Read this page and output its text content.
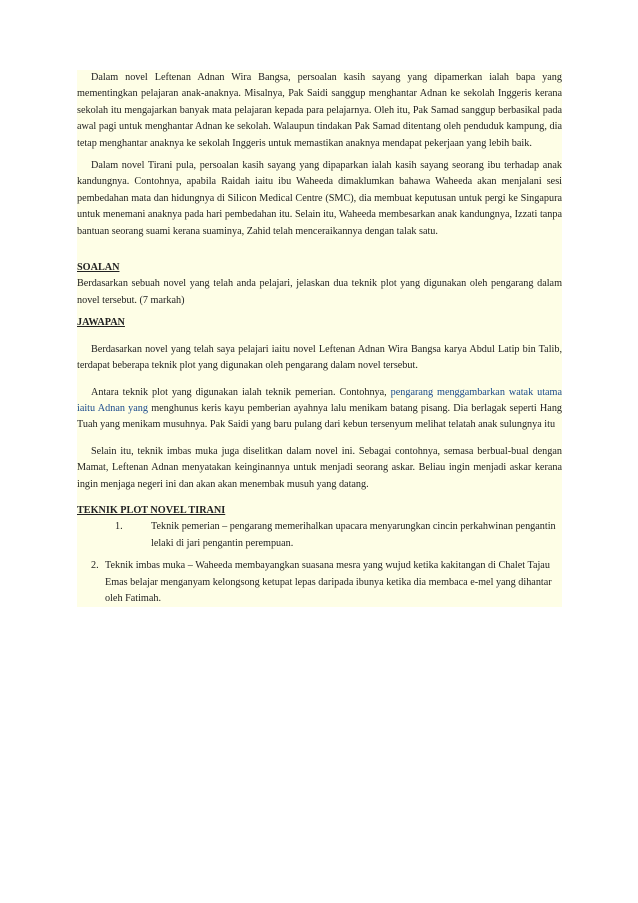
Dalam novel Leftenan Adnan Wira Bangsa, persoalan kasih sayang yang dipamerkan ialah bapa yang mementingkan pelajaran anak-anaknya. Misalnya, Pak Saidi sanggup menghantar Adnan ke sekolah Inggeris kerana sekolah itu mengajarkan banyak mata pelajaran kepada para pelajarnya. Oleh itu, Pak Samad sanggup berbasikal pada awal pagi untuk menghantar Adnan ke sekolah. Walaupun tindakan Pak Samad ditentang oleh penduduk kampung, dia tetap menghantar anaknya ke sekolah Inggeris untuk memastikan anaknya mendapat pekerjaan yang lebih baik.

Dalam novel Tirani pula, persoalan kasih sayang yang dipaparkan ialah kasih sayang seorang ibu terhadap anak kandungnya. Contohnya, apabila Raidah iaitu ibu Waheeda dimaklumkan bahawa Waheeda akan menjalani sesi pembedahan mata dan hidungnya di Silicon Medical Centre (SMC), dia membuat keputusan untuk pergi ke Singapura untuk menemani anaknya pada hari pembedahan itu. Selain itu, Waheeda membesarkan anak kandungnya, Izzati tanpa bantuan seorang suami kerana suaminya, Zahid telah menceraikannya dengan talak satu.

SOALAN

Berdasarkan sebuah novel yang telah anda pelajari, jelaskan dua teknik plot yang digunakan oleh pengarang dalam novel tersebut. (7 markah)

JAWAPAN

Berdasarkan novel yang telah saya pelajari iaitu novel Leftenan Adnan Wira Bangsa karya Abdul Latip bin Talib, terdapat beberapa teknik plot yang digunakan oleh pengarang dalam novel tersebut.

Antara teknik plot yang digunakan ialah teknik pemerian. Contohnya, pengarang menggambarkan watak utama iaitu Adnan yang menghunus keris kayu pemberian ayahnya lalu menikam batang pisang. Dia berlagak seperti Hang Tuah yang menikam musuhnya. Pak Saidi yang baru pulang dari kebun tersenyum melihat telatah anak sulungnya itu

Selain itu, teknik imbas muka juga diselitkan dalam novel ini. Sebagai contohnya, semasa berbual-bual dengan Mamat, Leftenan Adnan menyatakan keinginannya untuk menjadi seorang askar. Beliau ingin menjadi askar kerana ingin menjaga negeri ini dan akan akan menembak musuh yang datang.

TEKNIK PLOT NOVEL TIRANI

1.	Teknik pemerian – pengarang memerihalkan upacara menyarungkan cincin perkahwinan pengantin lelaki di jari pengantin perempuan.
2. Teknik imbas muka – Waheeda membayangkan suasana mesra yang wujud ketika kakitangan di Chalet Tajau Emas belajar menganyam kelongsong ketupat lepas daripada ibunya ketika dia membaca e-mel yang dihantar oleh Fatimah.
